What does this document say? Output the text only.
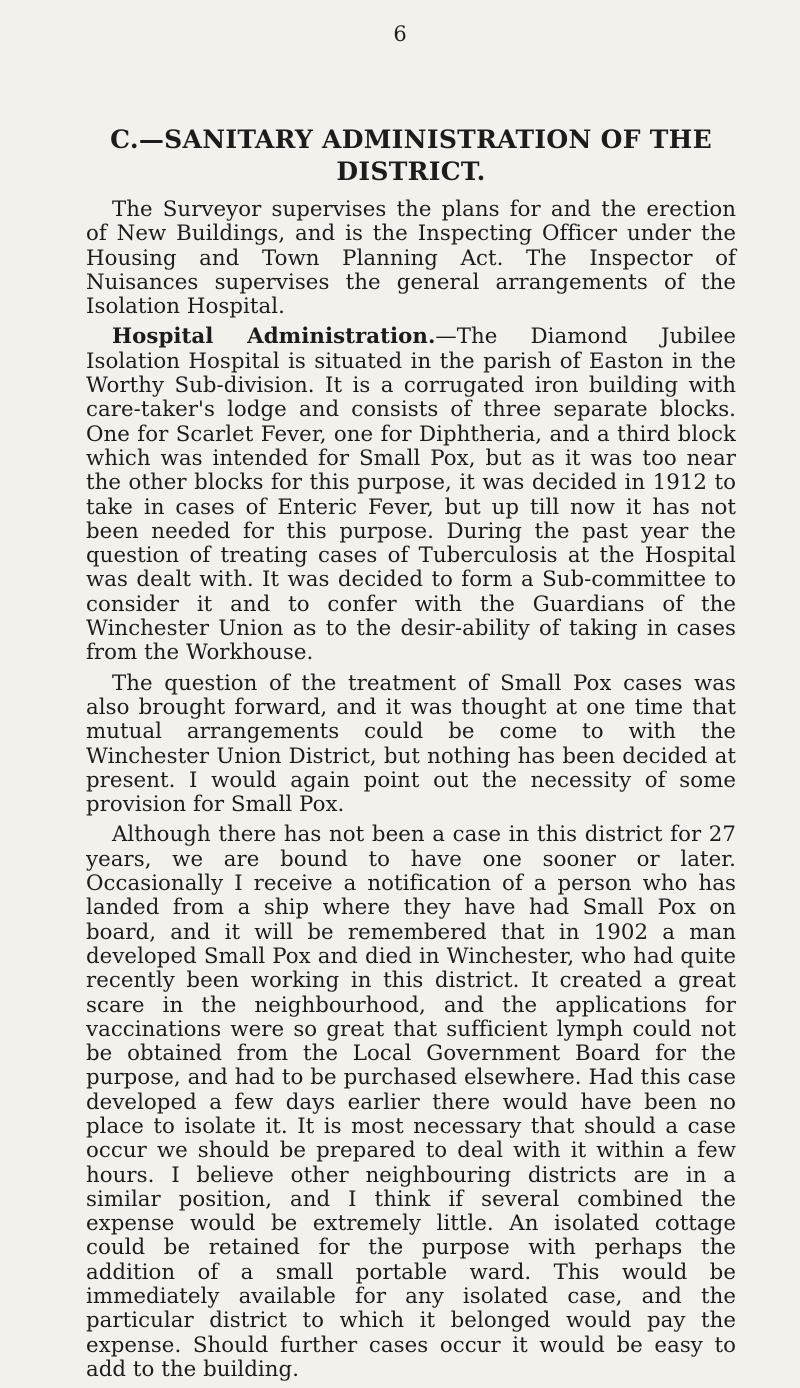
6
C.—SANITARY ADMINISTRATION OF THE
DISTRICT.

The Surveyor supervises the plans for and the erection of New Buildings, and is the Inspecting Officer under the Housing and Town Planning Act. The Inspector of Nuisances supervises the general arrangements of the Isolation Hospital.

Hospital Administration.—The Diamond Jubilee Isolation Hospital is situated in the parish of Easton in the Worthy Sub-division. It is a corrugated iron building with care-taker's lodge and consists of three separate blocks. One for Scarlet Fever, one for Diphtheria, and a third block which was intended for Small Pox, but as it was too near the other blocks for this purpose, it was decided in 1912 to take in cases of Enteric Fever, but up till now it has not been needed for this purpose. During the past year the question of treating cases of Tuberculosis at the Hospital was dealt with. It was decided to form a Sub-committee to consider it and to confer with the Guardians of the Winchester Union as to the desir-ability of taking in cases from the Workhouse.

The question of the treatment of Small Pox cases was also brought forward, and it was thought at one time that mutual arrangements could be come to with the Winchester Union District, but nothing has been decided at present. I would again point out the necessity of some provision for Small Pox.

Although there has not been a case in this district for 27 years, we are bound to have one sooner or later. Occasionally I receive a notification of a person who has landed from a ship where they have had Small Pox on board, and it will be remembered that in 1902 a man developed Small Pox and died in Winchester, who had quite recently been working in this district. It created a great scare in the neighbourhood, and the applications for vaccinations were so great that sufficient lymph could not be obtained from the Local Government Board for the purpose, and had to be purchased elsewhere. Had this case developed a few days earlier there would have been no place to isolate it. It is most necessary that should a case occur we should be prepared to deal with it within a few hours. I believe other neighbouring districts are in a similar position, and I think if several combined the expense would be extremely little. An isolated cottage could be retained for the purpose with perhaps the addition of a small portable ward. This would be immediately available for any isolated case, and the particular district to which it belonged would pay the expense. Should further cases occur it would be easy to add to the building.
